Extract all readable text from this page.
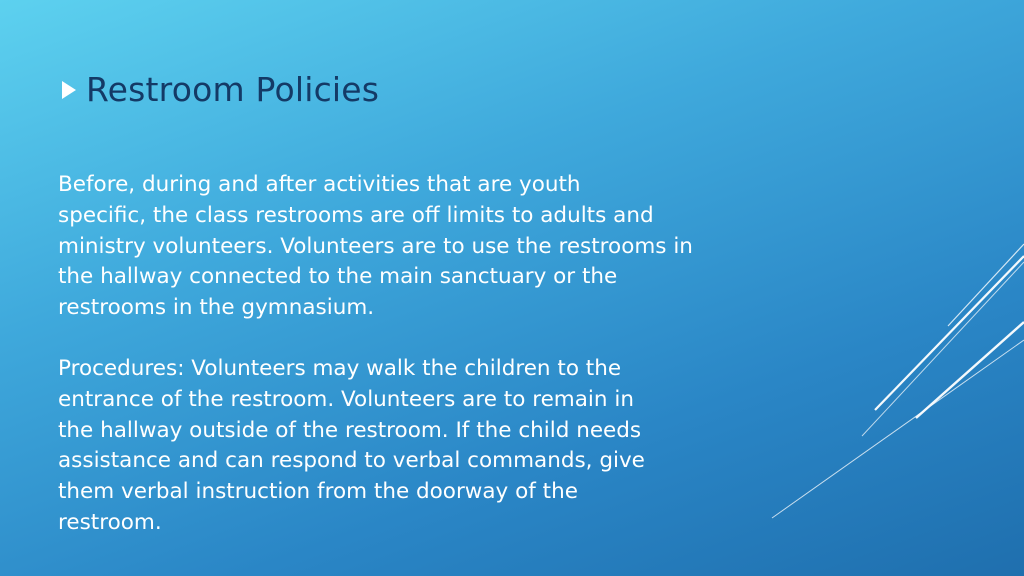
Restroom Policies

Before, during and after activities that are youth
specific, the class restrooms are off limits to adults and
ministry volunteers. Volunteers are to use the restrooms in
the hallway connected to the main sanctuary or the
restrooms in the gymnasium.

Procedures: Volunteers may walk the children to the
entrance of the restroom. Volunteers are to remain in
the hallway outside of the restroom. If the child needs
assistance and can respond to verbal commands, give
them verbal instruction from the doorway of the
restroom.
